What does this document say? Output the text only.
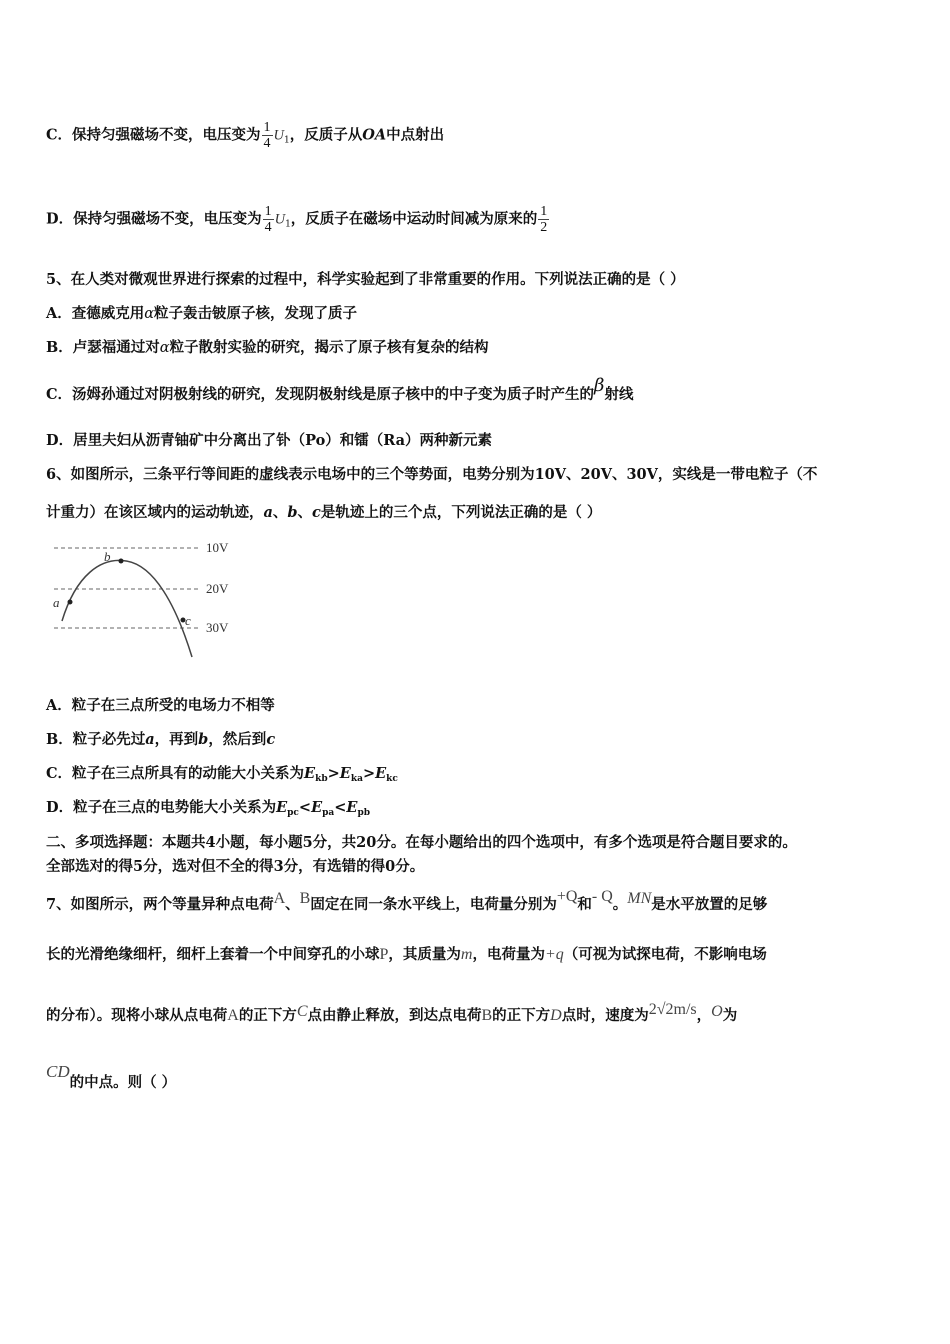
C．保持匀强磁场不变，电压变为 $\frac{1}{4} U_1$，反质子从OA中点射出
D．保持匀强磁场不变，电压变为 $\frac{1}{4} U_1$，反质子在磁场中运动时间减为原来的 $\frac{1}{2}$
5、在人类对微观世界进行探索的过程中，科学实验起到了非常重要的作用。下列说法正确的是（ ）
A．查德威克用α粒子轰击铍原子核，发现了质子
B．卢瑟福通过对α粒子散射实验的研究，揭示了原子核有复杂的结构
C．汤姆孙通过对阴极射线的研究，发现阴极射线是原子核中的中子变为质子时产生的β射线
D．居里夫妇从沥青铀矿中分离出了钋（Po）和镭（Ra）两种新元素
6、如图所示，三条平行等间距的虚线表示电场中的三个等势面，电势分别为10V、20V、30V，实线是一带电粒子（不
计重力）在该区域内的运动轨迹，a、b、c是轨迹上的三个点，下列说法正确的是（ ）
a
b
c
10V
20V
30V
A．粒子在三点所受的电场力不相等
B．粒子必先过a，再到b，然后到c
C．粒子在三点所具有的动能大小关系为$E_{kb}>E_{ka}>E_{kc}$
D．粒子在三点的电势能大小关系为$E_{pc}<E_{pa}<E_{pb}$
二、多项选择题：本题共4小题，每小题5分，共20分。在每小题给出的四个选项中，有多个选项是符合题目要求的。
全部选对的得5分，选对但不全的得3分，有选错的得0分。
7、如图所示，两个等量异种点电荷A、B固定在同一条水平线上，电荷量分别为+Q和- Q。MN是水平放置的足够
长的光滑绝缘细杆，细杆上套着一个中间穿孔的小球P，其质量为m，电荷量为+q（可视为试探电荷，不影响电场
的分布）。现将小球从点电荷A的正下方C点由静止释放，到达点电荷B的正下方D点时，速度为2√2m/s，O为
CD的中点。则（ ）
